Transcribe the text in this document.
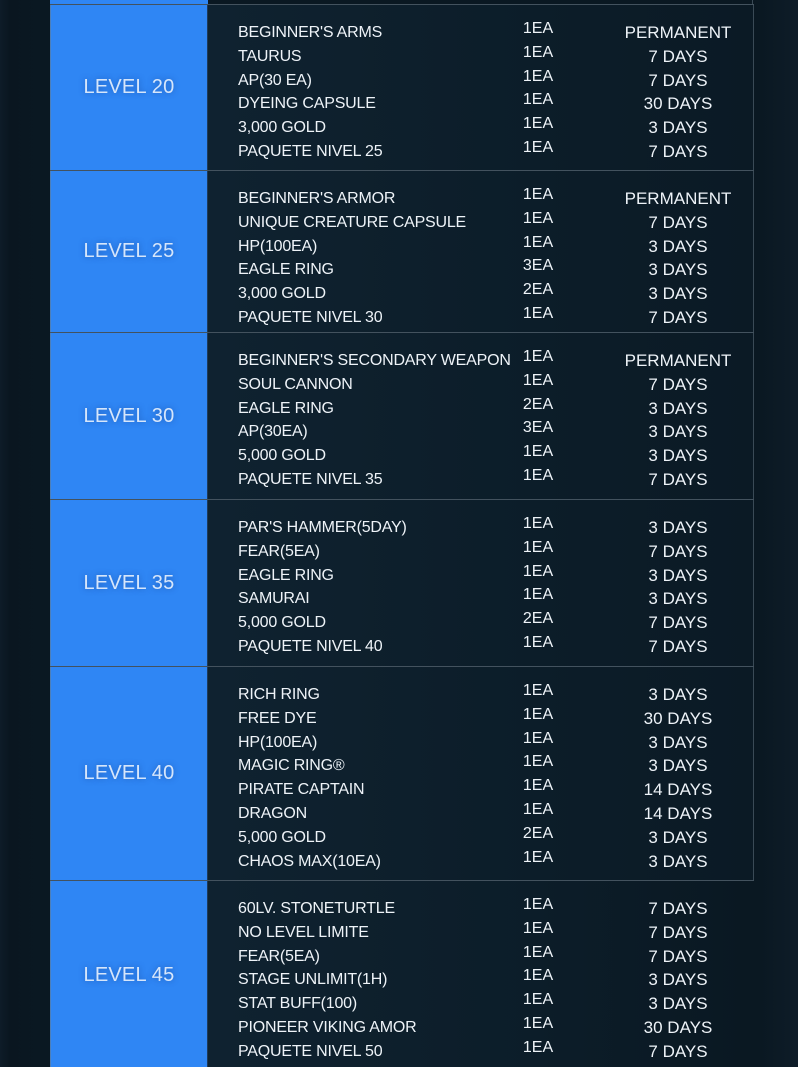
LEVEL 20
BEGINNER'S ARMS	1EA	PERMANENT
TAURUS	1EA	7 DAYS
AP(30 EA)	1EA	7 DAYS
DYEING CAPSULE	1EA	30 DAYS
3,000 GOLD	1EA	3 DAYS
PAQUETE NIVEL 25	1EA	7 DAYS
LEVEL 25
BEGINNER'S ARMOR	1EA	PERMANENT
UNIQUE CREATURE CAPSULE	1EA	7 DAYS
HP(100EA)	1EA	3 DAYS
EAGLE RING	3EA	3 DAYS
3,000 GOLD	2EA	3 DAYS
PAQUETE NIVEL 30	1EA	7 DAYS
LEVEL 30
BEGINNER'S SECONDARY WEAPON 1EA	PERMANENT
SOUL CANNON	1EA	7 DAYS
EAGLE RING	2EA	3 DAYS
AP(30EA)	3EA	3 DAYS
5,000 GOLD	1EA	3 DAYS
PAQUETE NIVEL 35	1EA	7 DAYS
LEVEL 35
PAR'S HAMMER(5DAY)	1EA	3 DAYS
FEAR(5EA)	1EA	7 DAYS
EAGLE RING	1EA	3 DAYS
SAMURAI	1EA	3 DAYS
5,000 GOLD	2EA	7 DAYS
PAQUETE NIVEL 40	1EA	7 DAYS
LEVEL 40
RICH RING	1EA	3 DAYS
FREE DYE	1EA	30 DAYS
HP(100EA)	1EA	3 DAYS
MAGIC RING®	1EA	3 DAYS
PIRATE CAPTAIN	1EA	14 DAYS
DRAGON	1EA	14 DAYS
5,000 GOLD	2EA	3 DAYS
CHAOS MAX(10EA)	1EA	3 DAYS
LEVEL 45
60LV. STONETURTLE	1EA	7 DAYS
NO LEVEL LIMITE	1EA	7 DAYS
FEAR(5EA)	1EA	7 DAYS
STAGE UNLIMIT(1H)	1EA	3 DAYS
STAT BUFF(100)	1EA	3 DAYS
PIONEER VIKING AMOR	1EA	30 DAYS
PAQUETE NIVEL 50	1EA	7 DAYS
